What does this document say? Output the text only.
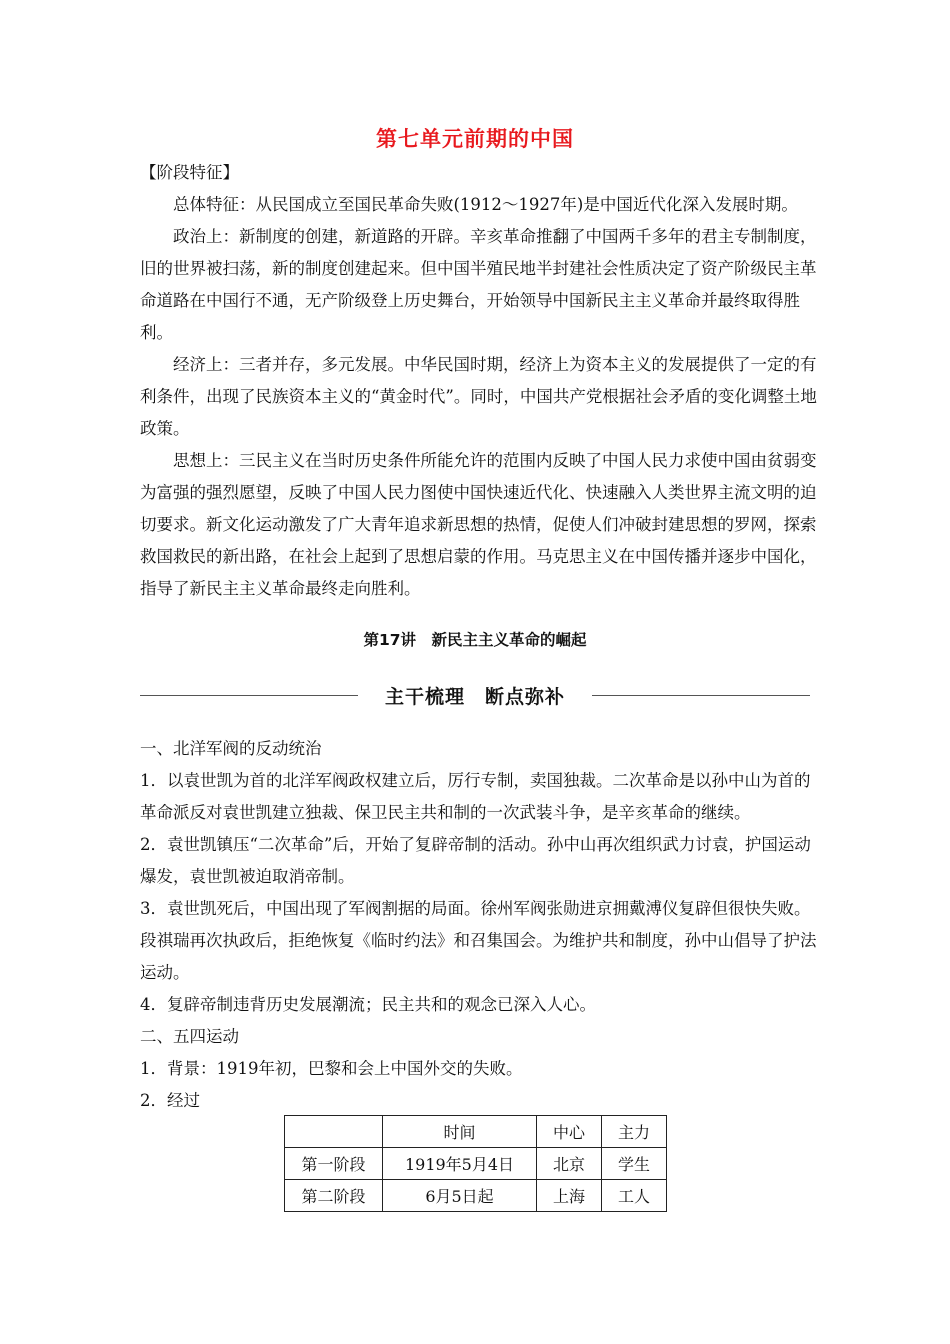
第七单元前期的中国
【阶段特征】
总体特征：从民国成立至国民革命失败(1912～1927年)是中国近代化深入发展时期。
政治上：新制度的创建，新道路的开辟。辛亥革命推翻了中国两千多年的君主专制制度，旧的世界被扫荡，新的制度创建起来。但中国半殖民地半封建社会性质决定了资产阶级民主革命道路在中国行不通，无产阶级登上历史舞台，开始领导中国新民主主义革命并最终取得胜利。
经济上：三者并存，多元发展。中华民国时期，经济上为资本主义的发展提供了一定的有利条件，出现了民族资本主义的“黄金时代”。同时，中国共产党根据社会矛盾的变化调整土地政策。
思想上：三民主义在当时历史条件所能允许的范围内反映了中国人民力求使中国由贫弱变为富强的强烈愿望，反映了中国人民力图使中国快速近代化、快速融入人类世界主流文明的迫切要求。新文化运动激发了广大青年追求新思想的热情，促使人们冲破封建思想的罗网，探索救国救民的新出路，在社会上起到了思想启蒙的作用。马克思主义在中国传播并逐步中国化，指导了新民主主义革命最终走向胜利。
第17讲　新民主主义革命的崛起
主干梳理　断点弥补
一、北洋军阀的反动统治
1．以袁世凯为首的北洋军阀政权建立后，厉行专制，卖国独裁。二次革命是以孙中山为首的革命派反对袁世凯建立独裁、保卫民主共和制的一次武装斗争，是辛亥革命的继续。
2．袁世凯镇压“二次革命”后，开始了复辟帝制的活动。孙中山再次组织武力讨袁，护国运动爆发，袁世凯被迫取消帝制。
3．袁世凯死后，中国出现了军阀割据的局面。徐州军阀张勋进京拥戴溥仪复辟但很快失败。段祺瑞再次执政后，拒绝恢复《临时约法》和召集国会。为维护共和制度，孙中山倡导了护法运动。
4．复辟帝制违背历史发展潮流；民主共和的观念已深入人心。
二、五四运动
1．背景：1919年初，巴黎和会上中国外交的失败。
2．经过
	时间	中心	主力
第一阶段	1919年5月4日	北京	学生
第二阶段	6月5日起	上海	工人
